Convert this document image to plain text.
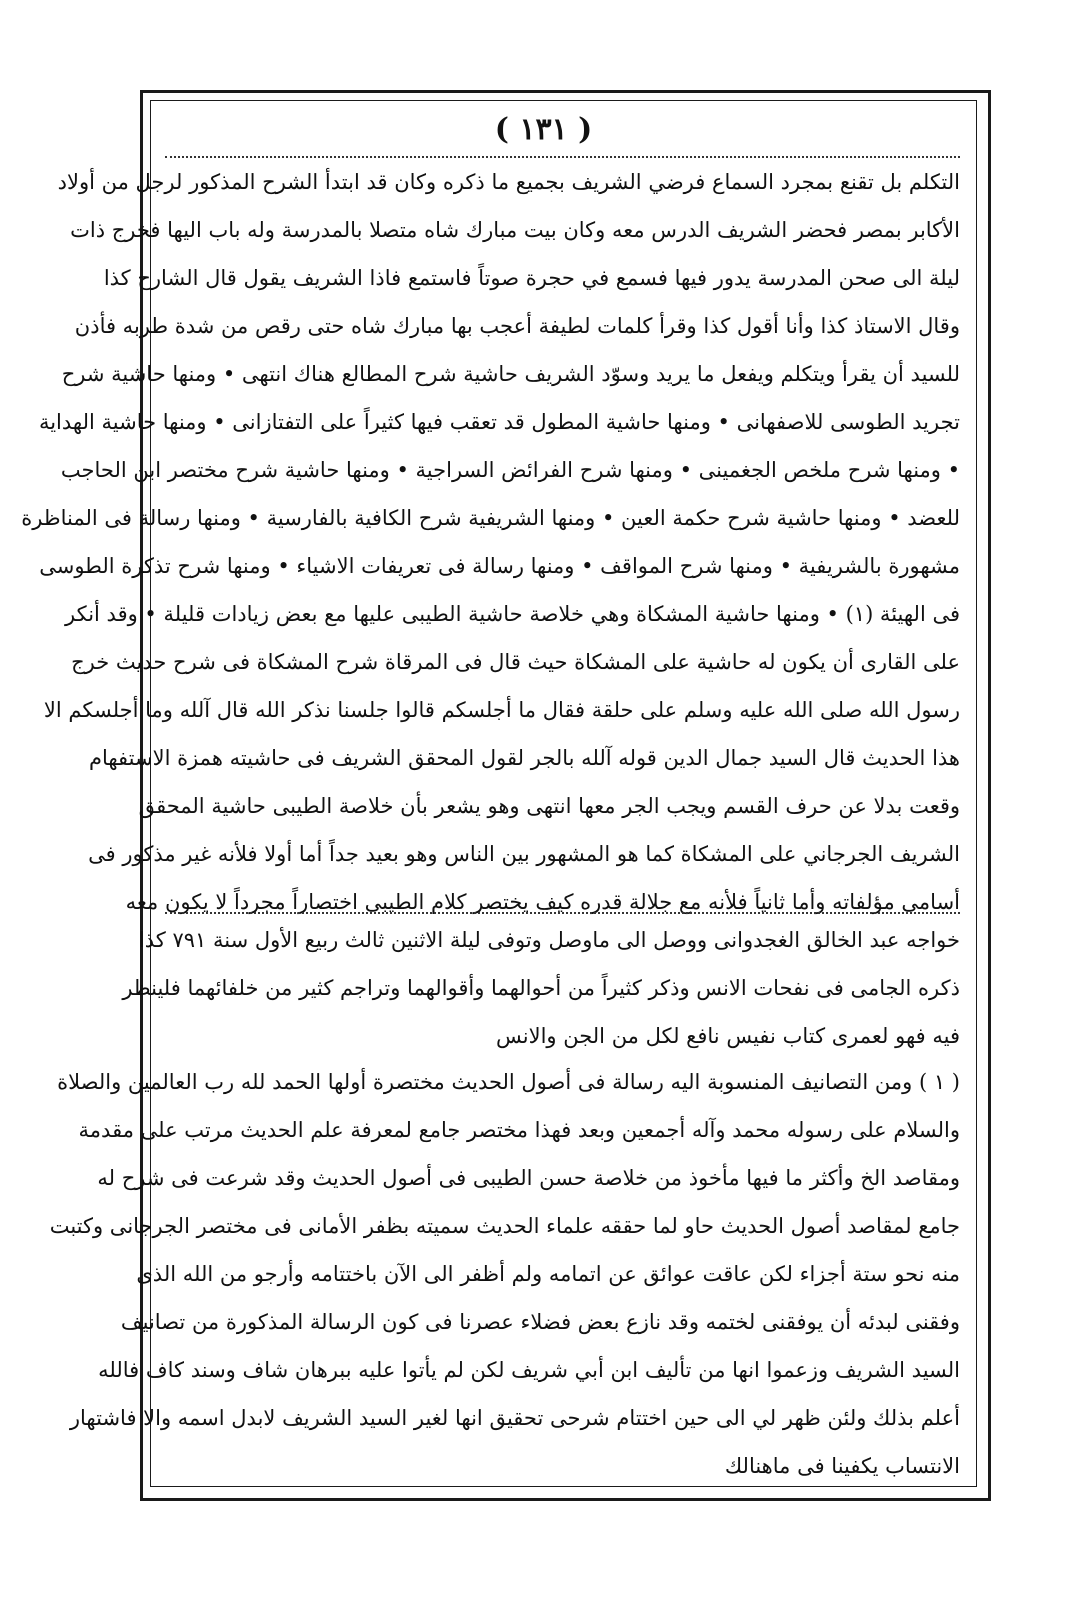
( ١٣١ )
التكلم بل تقنع بمجرد السماع فرضي الشريف بجميع ما ذكره وكان قد ابتدأ الشرح المذكور لرجل من أولاد
الأكابر بمصر فحضر الشريف الدرس معه وكان بيت مبارك شاه متصلا بالمدرسة وله باب اليها فخرج ذات
ليلة الى صحن المدرسة يدور فيها فسمع في حجرة صوتاً فاستمع فاذا الشريف يقول قال الشارح كذا
وقال الاستاذ كذا وأنا أقول كذا وقرأ كلمات لطيفة أعجب بها مبارك شاه حتى رقص من شدة طربه فأذن
للسيد أن يقرأ ويتكلم ويفعل ما يريد وسوّد الشريف حاشية شرح المطالع هناك انتهى • ومنها حاشية شرح
تجريد الطوسى للاصفهانى • ومنها حاشية المطول قد تعقب فيها كثيراً على التفتازانى • ومنها حاشية الهداية
• ومنها شرح ملخص الجغمينى • ومنها شرح الفرائض السراجية • ومنها حاشية شرح مختصر ابن الحاجب
للعضد • ومنها حاشية شرح حكمة العين • ومنها الشريفية شرح الكافية بالفارسية • ومنها رسالة فى المناظرة
مشهورة بالشريفية • ومنها شرح المواقف • ومنها رسالة فى تعريفات الاشياء • ومنها شرح تذكرة الطوسى
فى الهيئة (١) • ومنها حاشية المشكاة وهي خلاصة حاشية الطيبى عليها مع بعض زيادات قليلة • وقد أنكر
على القارى أن يكون له حاشية على المشكاة حيث قال فى المرقاة شرح المشكاة فى شرح حديث خرج
رسول الله صلى الله عليه وسلم على حلقة فقال ما أجلسكم قالوا جلسنا نذكر الله قال آلله وما أجلسكم الا
هذا الحديث قال السيد جمال الدين قوله آلله بالجر لقول المحقق الشريف فى حاشيته همزة الاستفهام
وقعت بدلا عن حرف القسم ويجب الجر معها انتهى وهو يشعر بأن خلاصة الطيبى حاشية المحقق
الشريف الجرجاني على المشكاة كما هو المشهور بين الناس وهو بعيد جداً أما أولا فلأنه غير مذكور فى
أسامى مؤلفاته وأما ثانياً فلأنه مع جلالة قدره كيف يختصر كلام الطيبى اختصاراً مجرداً لا يكون معه
خواجه عبد الخالق الغجدوانى ووصل الى ماوصل وتوفى ليلة الاثنين ثالث ربيع الأول سنة ٧٩١ كذا
ذكره الجامى فى نفحات الانس وذكر كثيراً من أحوالهما وأقوالهما وتراجم كثير من خلفائهما فلينظر
فيه فهو لعمرى كتاب نفيس نافع لكل من الجن والانس
( ١ ) ومن التصانيف المنسوبة اليه رسالة فى أصول الحديث مختصرة أولها الحمد لله رب العالمين والصلاة
والسلام على رسوله محمد وآله أجمعين وبعد فهذا مختصر جامع لمعرفة علم الحديث مرتب على مقدمة
ومقاصد الخ وأكثر ما فيها مأخوذ من خلاصة حسن الطيبى فى أصول الحديث وقد شرعت فى شرح له
جامع لمقاصد أصول الحديث حاو لما حققه علماء الحديث سميته بظفر الأمانى فى مختصر الجرجانى وكتبت
منه نحو ستة أجزاء لكن عاقت عوائق عن اتمامه ولم أظفر الى الآن باختتامه وأرجو من الله الذى
وفقنى لبدئه أن يوفقنى لختمه وقد نازع بعض فضلاء عصرنا فى كون الرسالة المذكورة من تصانيف
السيد الشريف وزعموا انها من تأليف ابن أبي شريف لكن لم يأتوا عليه ببرهان شاف وسند كاف فالله
أعلم بذلك ولئن ظهر لي الى حين اختتام شرحى تحقيق انها لغير السيد الشريف لابدل اسمه والا فاشتهار
الانتساب يكفينا فى ماهنالك
